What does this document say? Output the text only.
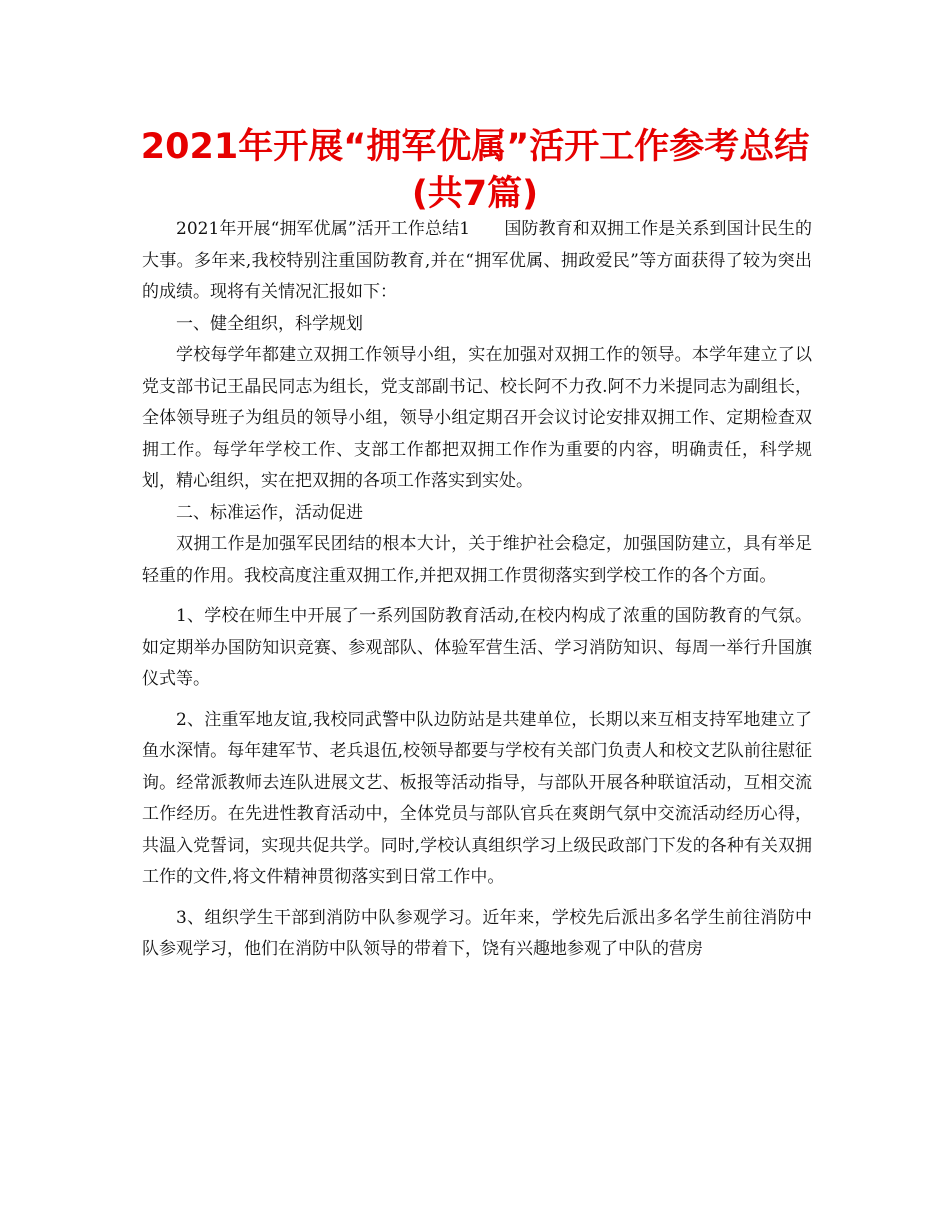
2021年开展“拥军优属”活开工作参考总结
(共7篇)

2021年开展“拥军优属”活开工作总结1　　国防教育和双拥工作是关系到国计民生的大事。多年来,我校特别注重国防教育,并在“拥军优属、拥政爱民”等方面获得了较为突出的成绩。现将有关情况汇报如下：

一、健全组织，科学规划

学校每学年都建立双拥工作领导小组，实在加强对双拥工作的领导。本学年建立了以党支部书记王晶民同志为组长，党支部副书记、校长阿不力孜.阿不力米提同志为副组长，全体领导班子为组员的领导小组，领导小组定期召开会议讨论安排双拥工作、定期检查双拥工作。每学年学校工作、支部工作都把双拥工作作为重要的内容，明确责任，科学规划，精心组织，实在把双拥的各项工作落实到实处。

二、标准运作，活动促进

双拥工作是加强军民团结的根本大计，关于维护社会稳定，加强国防建立，具有举足轻重的作用。我校高度注重双拥工作,并把双拥工作贯彻落实到学校工作的各个方面。

1、学校在师生中开展了一系列国防教育活动,在校内构成了浓重的国防教育的气氛。如定期举办国防知识竞赛、参观部队、体验军营生活、学习消防知识、每周一举行升国旗仪式等。

2、注重军地友谊,我校同武警中队边防站是共建单位，长期以来互相支持军地建立了鱼水深情。每年建军节、老兵退伍,校领导都要与学校有关部门负责人和校文艺队前往慰征询。经常派教师去连队进展文艺、板报等活动指导，与部队开展各种联谊活动，互相交流工作经历。在先进性教育活动中，全体党员与部队官兵在爽朗气氛中交流活动经历心得，共温入党誓词，实现共促共学。同时,学校认真组织学习上级民政部门下发的各种有关双拥工作的文件,将文件精神贯彻落实到日常工作中。

3、组织学生干部到消防中队参观学习。近年来，学校先后派出多名学生前往消防中队参观学习，他们在消防中队领导的带着下，饶有兴趣地参观了中队的营房
